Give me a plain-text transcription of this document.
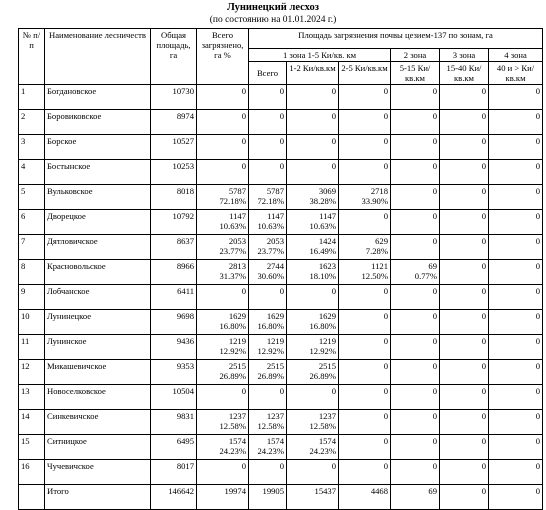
Лунинецкий лесхоз
(по состоянию на 01.01.2024 г.)
№ п/п	Наименование лесничеств	Общая площадь, га	Всего загрязнено, га %	Площадь загрязнения почвы цезием-137 по зонам, га					
				1 зона 1-5 Ки/кв. км			2 зона	3 зона	4 зона
				Всего	1-2 Ки/кв.км	2-5 Ки/кв.км	5-15 Ки/кв.км	15-40 Ки/кв.км	40 и > Ки/кв.км
1	Богдановское	10730	0	0	0	0	0	0	0
2	Боровиковское	8974	0	0	0	0	0	0	0
3	Борское	10527	0	0	0	0	0	0	0
4	Бостынское	10253	0	0	0	0	0	0	0
5	Вульковское	8018	5787
72.18%	5787
72.18%	3069
38.28%	2718
33.90%	0	0	0
6	Дворецкое	10792	1147
10.63%	1147
10.63%	1147
10.63%	0	0	0	0
7	Дятловичское	8637	2053
23.77%	2053
23.77%	1424
16.49%	629
7.28%	0	0	0
8	Красновольское	8966	2813
31.37%	2744
30.60%	1623
18.10%	1121
12.50%	69
0.77%	0	0
9	Лобчанское	6411	0	0	0	0	0	0	0
10	Лунинецкое	9698	1629
16.80%	1629
16.80%	1629
16.80%	0	0	0	0
11	Лунинское	9436	1219
12.92%	1219
12.92%	1219
12.92%	0	0	0	0
12	Микашевичское	9353	2515
26.89%	2515
26.89%	2515
26.89%	0	0	0	0
13	Новоселковское	10504	0	0	0	0	0	0	0
14	Синкевичское	9831	1237
12.58%	1237
12.58%	1237
12.58%	0	0	0	0
15	Ситницкое	6495	1574
24.23%	1574
24.23%	1574
24.23%	0	0	0	0
16	Чучевичское	8017	0	0	0	0	0	0	0
	Итого	146642	19974	19905	15437	4468	69	0	0
